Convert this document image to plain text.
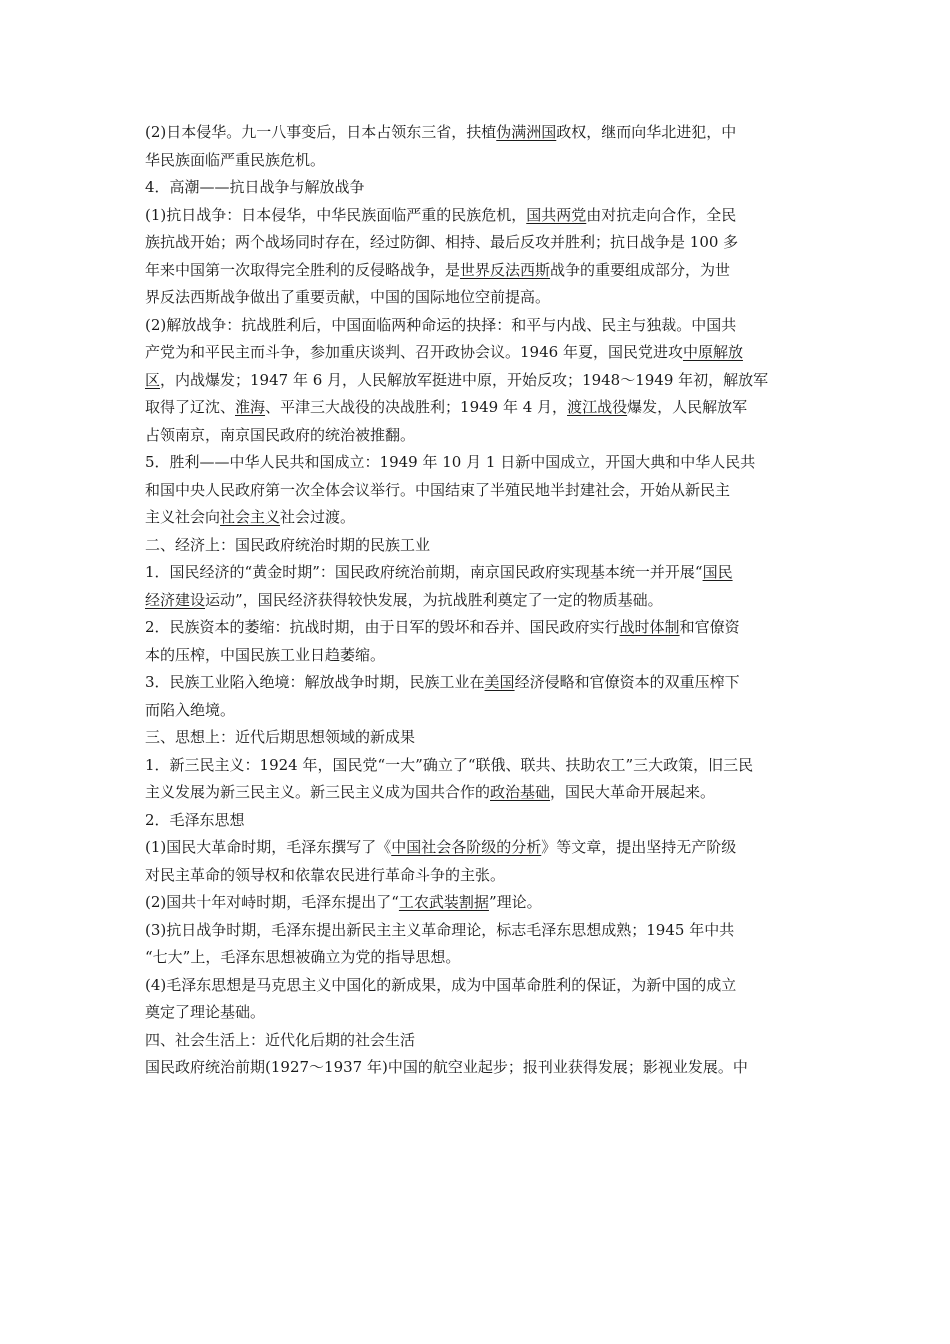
(2)日本侵华。九一八事变后，日本占领东三省，扶植伪满洲国政权，继而向华北进犯，中
华民族面临严重民族危机。
4．高潮——抗日战争与解放战争
(1)抗日战争：日本侵华，中华民族面临严重的民族危机，国共两党由对抗走向合作，全民
族抗战开始；两个战场同时存在，经过防御、相持、最后反攻并胜利；抗日战争是 100 多
年来中国第一次取得完全胜利的反侵略战争，是世界反法西斯战争的重要组成部分，为世
界反法西斯战争做出了重要贡献，中国的国际地位空前提高。
(2)解放战争：抗战胜利后，中国面临两种命运的抉择：和平与内战、民主与独裁。中国共
产党为和平民主而斗争，参加重庆谈判、召开政协会议。1946 年夏，国民党进攻中原解放
区，内战爆发；1947 年 6 月，人民解放军挺进中原，开始反攻；1948～1949 年初，解放军
取得了辽沈、淮海、平津三大战役的决战胜利；1949 年 4 月，渡江战役爆发，人民解放军
占领南京，南京国民政府的统治被推翻。
5．胜利——中华人民共和国成立：1949 年 10 月 1 日新中国成立，开国大典和中华人民共
和国中央人民政府第一次全体会议举行。中国结束了半殖民地半封建社会，开始从新民主
主义社会向社会主义社会过渡。
二、经济上：国民政府统治时期的民族工业
1．国民经济的“黄金时期”：国民政府统治前期，南京国民政府实现基本统一并开展“国民
经济建设运动”，国民经济获得较快发展，为抗战胜利奠定了一定的物质基础。
2．民族资本的萎缩：抗战时期，由于日军的毁坏和吞并、国民政府实行战时体制和官僚资
本的压榨，中国民族工业日趋萎缩。
3．民族工业陷入绝境：解放战争时期，民族工业在美国经济侵略和官僚资本的双重压榨下
而陷入绝境。
三、思想上：近代后期思想领域的新成果
1．新三民主义：1924 年，国民党“一大”确立了“联俄、联共、扶助农工”三大政策，旧三民
主义发展为新三民主义。新三民主义成为国共合作的政治基础，国民大革命开展起来。
2．毛泽东思想
(1)国民大革命时期，毛泽东撰写了《中国社会各阶级的分析》等文章，提出坚持无产阶级
对民主革命的领导权和依靠农民进行革命斗争的主张。
(2)国共十年对峙时期，毛泽东提出了“工农武装割据”理论。
(3)抗日战争时期，毛泽东提出新民主主义革命理论，标志毛泽东思想成熟；1945 年中共
“七大”上，毛泽东思想被确立为党的指导思想。
(4)毛泽东思想是马克思主义中国化的新成果，成为中国革命胜利的保证，为新中国的成立
奠定了理论基础。
四、社会生活上：近代化后期的社会生活
国民政府统治前期(1927～1937 年)中国的航空业起步；报刊业获得发展；影视业发展。中
